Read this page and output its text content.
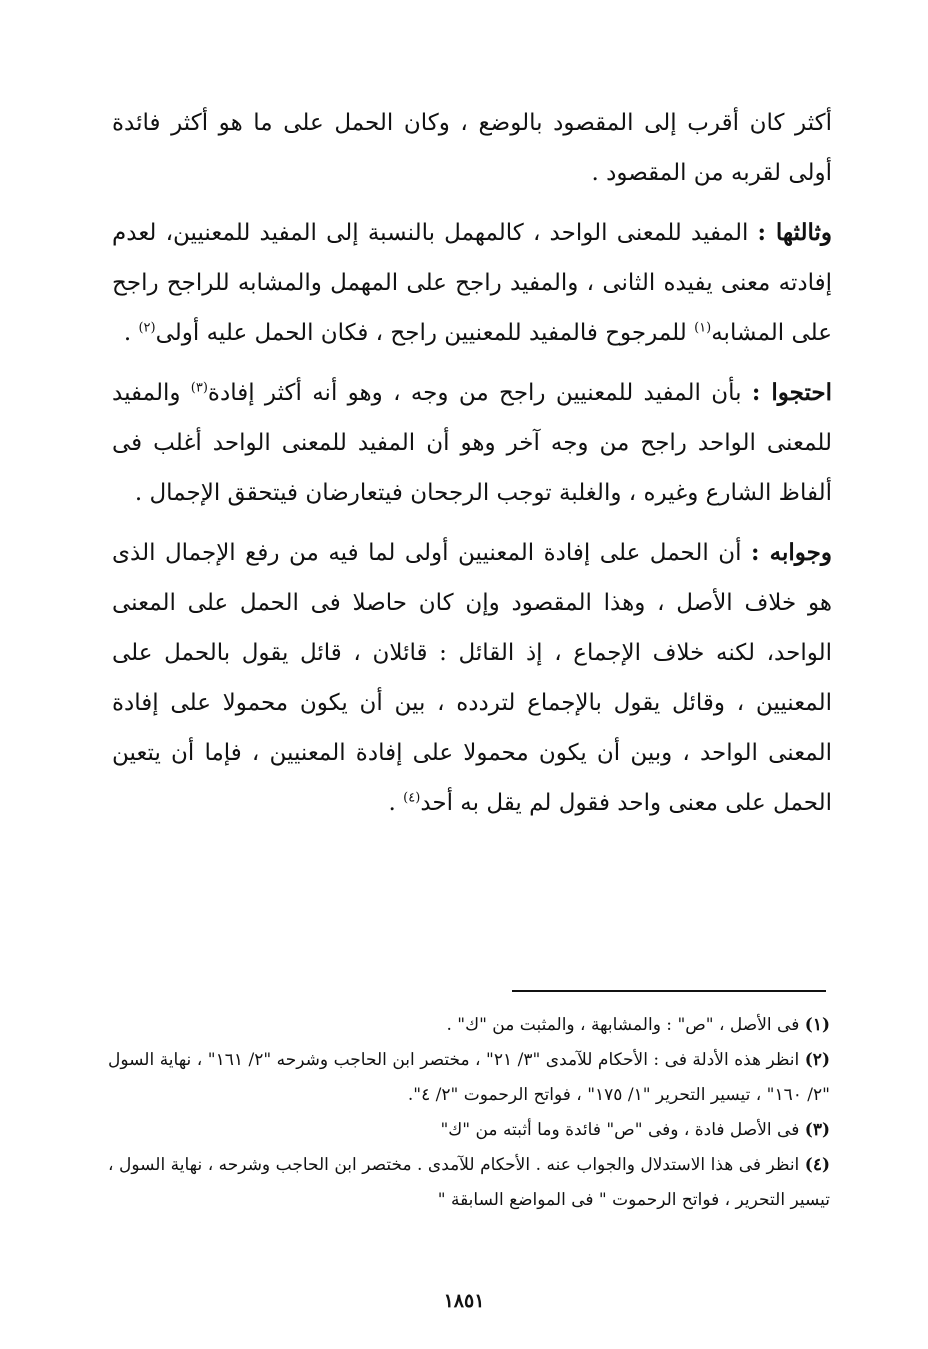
أكثر كان أقرب إلى المقصود بالوضع ، وكان الحمل على ما هو أكثر فائدة أولى لقربه من المقصود .

وثالثها : المفيد للمعنى الواحد ، كالمهمل بالنسبة إلى المفيد للمعنيين، لعدم إفادته معنى يفيده الثانى ، والمفيد راجح على المهمل والمشابه للراجح راجح على المشابه$^{(١)}$ للمرجوح فالمفيد للمعنيين راجح ، فكان الحمل عليه أولى$^{(٢)}$ .

احتجوا : بأن المفيد للمعنيين راجح من وجه ، وهو أنه أكثر إفادة$^{(٣)}$ والمفيد للمعنى الواحد راجح من وجه آخر وهو أن المفيد للمعنى الواحد أغلب فى ألفاظ الشارع وغيره ، والغلبة توجب الرجحان فيتعارضان فيتحقق الإجمال .

وجوابه : أن الحمل على إفادة المعنيين أولى لما فيه من رفع الإجمال الذى هو خلاف الأصل ، وهذا المقصود وإن كان حاصلا فى الحمل على المعنى الواحد، لكنه خلاف الإجماع ، إذ القائل : قائلان ، قائل يقول بالحمل على المعنيين ، وقائل يقول بالإجماع لتردده ، بين أن يكون محمولا على إفادة المعنى الواحد ، وبين أن يكون محمولا على إفادة المعنيين ، فإما أن يتعين الحمل على معنى واحد فقول لم يقل به أحد$^{(٤)}$ .

(١) فى الأصل ، "ص" : والمشابهة ، والمثبت من "ك" .

(٢) انظر هذه الأدلة فى : الأحكام للآمدى "٣/ ٢١" ، مختصر ابن الحاجب وشرحه "٢/ ١٦١" ، نهاية السول "٢/ ١٦٠" ، تيسير التحرير "١/ ١٧٥" ، فواتح الرحموت "٢/ ٤".

(٣) فى الأصل فادة ، وفى "ص" فائدة وما أثبته من "ك"

(٤) انظر فى هذا الاستدلال والجواب عنه . الأحكام للآمدى . مختصر ابن الحاجب وشرحه ، نهاية السول ، تيسير التحرير ، فواتح الرحموت " فى المواضع السابقة "

١٨٥١
